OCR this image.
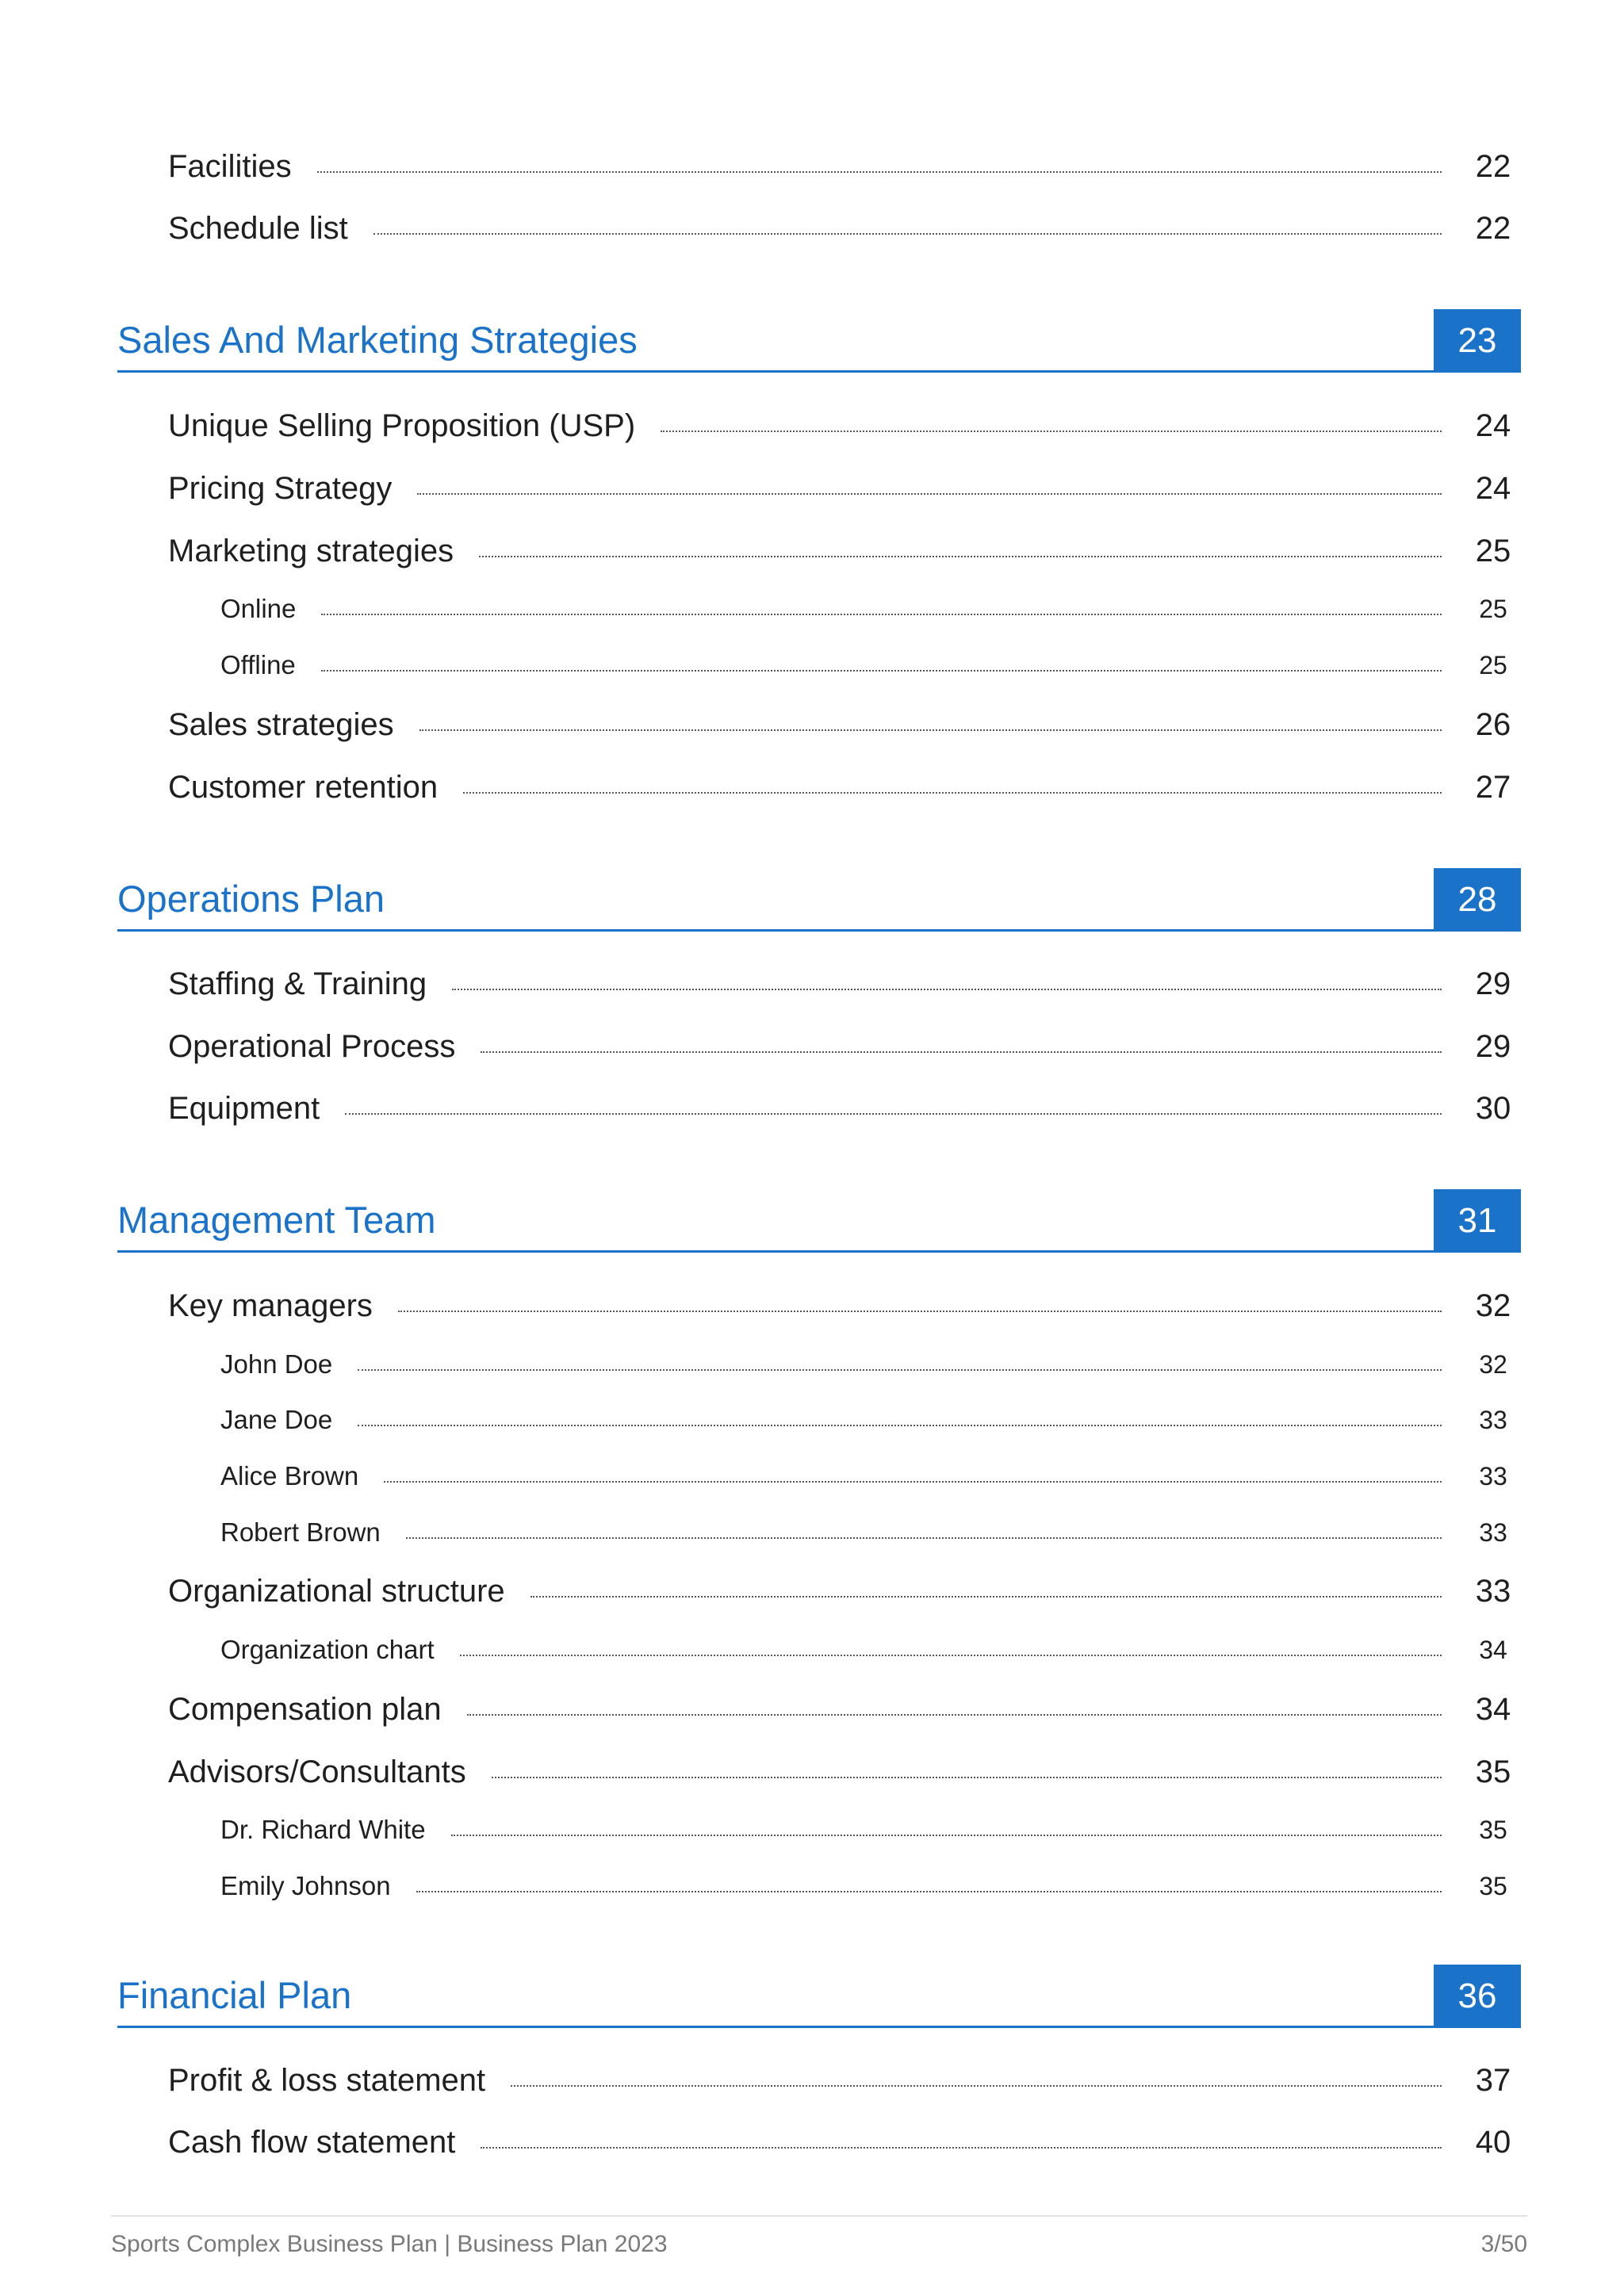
Facilities	22
Schedule list	22
Sales And Marketing Strategies	23
Unique Selling Proposition (USP)	24
Pricing Strategy	24
Marketing strategies	25
Online	25
Offline	25
Sales strategies	26
Customer retention	27
Operations Plan	28
Staffing & Training	29
Operational Process	29
Equipment	30
Management Team	31
Key managers	32
John Doe	32
Jane Doe	33
Alice Brown	33
Robert Brown	33
Organizational structure	33
Organization chart	34
Compensation plan	34
Advisors/Consultants	35
Dr. Richard White	35
Emily Johnson	35
Financial Plan	36
Profit & loss statement	37
Cash flow statement	40
Sports Complex Business Plan | Business Plan 2023	3/50
